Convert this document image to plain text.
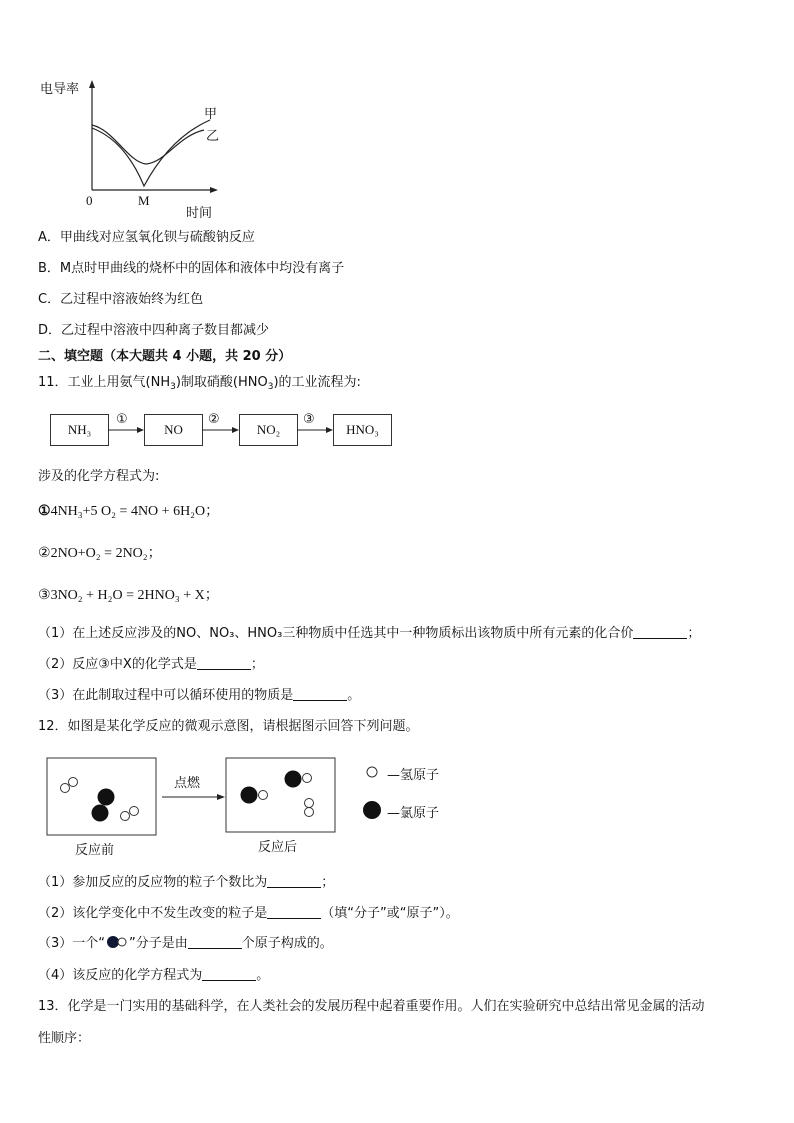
电导率
甲
乙
0	M
时间
A．甲曲线对应氢氧化钡与硫酸钠反应
B．M点时甲曲线的烧杯中的固体和液体中均没有离子
C．乙过程中溶液始终为红色
D．乙过程中溶液中四种离子数目都减少
二、填空题（本大题共 4 小题，共 20 分）
11．工业上用氨气$(NH_3)$制取硝酸$(HNO_3)$的工业流程为:
NH₃	NO	NO₂	HNO₃
①	②	③
涉及的化学方程式为:
①4NH₃+5 O₂ = 4NO + 6H₂O；
②2NO+O₂ = 2NO₂；
③3NO₂ + H₂O = 2HNO₃ + X；
（1）在上述反应涉及的NO、NO₃、HNO₃三种物质中任选其中一种物质标出该物质中所有元素的化合价	；
（2）反应③中X的化学式是	；
（3）在此制取过程中可以循环使用的物质是	。
12．如图是某化学反应的微观示意图，请根据图示回答下列问题。
点燃
反应前	反应后
—氢原子
—氯原子
（1）参加反应的反应物的粒子个数比为	；
（2）该化学变化中不发生改变的粒子是	（填“分子”或“原子”）。
（3）一个“ ”分子是由	个原子构成的。
（4）该反应的化学方程式为	。
13．化学是一门实用的基础科学，在人类社会的发展历程中起着重要作用。人们在实验研究中总结出常见金属的活动
性顺序：
